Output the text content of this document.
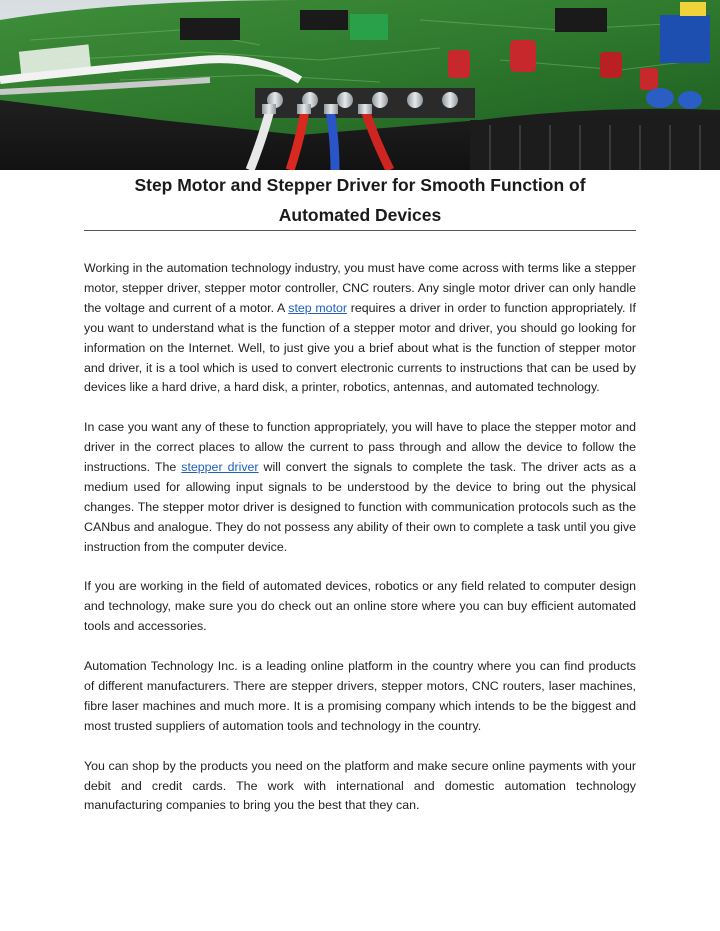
Step Motor and Stepper Driver for Smooth Function of
Automated Devices

Working in the automation technology industry, you must have come across with terms like a stepper motor, stepper driver, stepper motor controller, CNC routers. Any single motor driver can only handle the voltage and current of a motor. A step motor requires a driver in order to function appropriately. If you want to understand what is the function of a stepper motor and driver, you should go looking for information on the Internet. Well, to just give you a brief about what is the function of stepper motor and driver, it is a tool which is used to convert electronic currents to instructions that can be used by devices like a hard drive, a hard disk, a printer, robotics, antennas, and automated technology.

In case you want any of these to function appropriately, you will have to place the stepper motor and driver in the correct places to allow the current to pass through and allow the device to follow the instructions. The stepper driver will convert the signals to complete the task. The driver acts as a medium used for allowing input signals to be understood by the device to bring out the physical changes. The stepper motor driver is designed to function with communication protocols such as the CANbus and analogue. They do not possess any ability of their own to complete a task until you give instruction from the computer device.

If you are working in the field of automated devices, robotics or any field related to computer design and technology, make sure you do check out an online store where you can buy efficient automated tools and accessories.

Automation Technology Inc. is a leading online platform in the country where you can find products of different manufacturers. There are stepper drivers, stepper motors, CNC routers, laser machines, fibre laser machines and much more. It is a promising company which intends to be the biggest and most trusted suppliers of automation tools and technology in the country.

You can shop by the products you need on the platform and make secure online payments with your debit and credit cards. The work with international and domestic automation technology manufacturing companies to bring you the best that they can.
